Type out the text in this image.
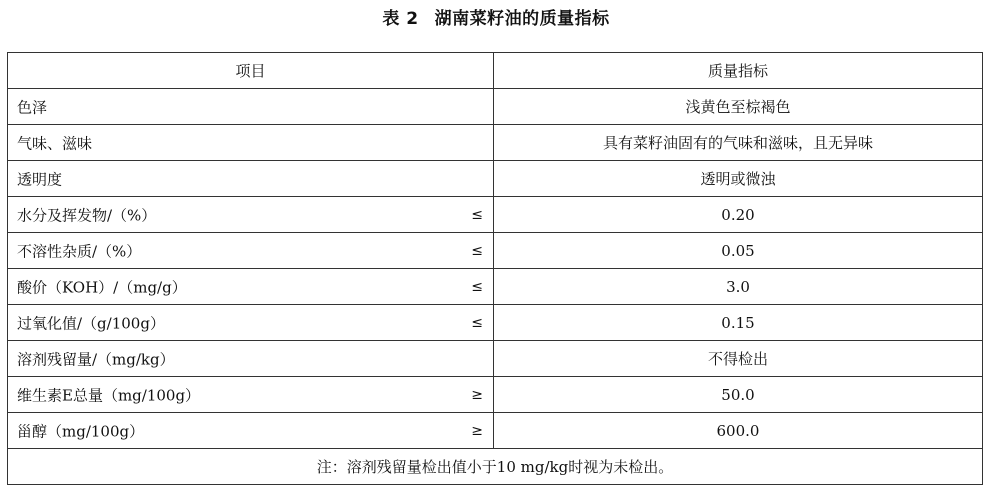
表 2 湖南菜籽油的质量指标
项目	质量指标

色泽	浅黄色至棕褐色

气味、滋味	具有菜籽油固有的气味和滋味，且无异味

透明度	透明或微浊

水分及挥发物/（%） ≤	0.20

不溶性杂质/（%） ≤	0.05

酸价（KOH）/（mg/g） ≤	3.0

过氧化值/（g/100g） ≤	0.15

溶剂残留量/（mg/kg）	不得检出

维生素E总量（mg/100g） ≥	50.0

甾醇（mg/100g） ≥	600.0
注：溶剂残留量检出值小于10 mg/kg时视为未检出。	
